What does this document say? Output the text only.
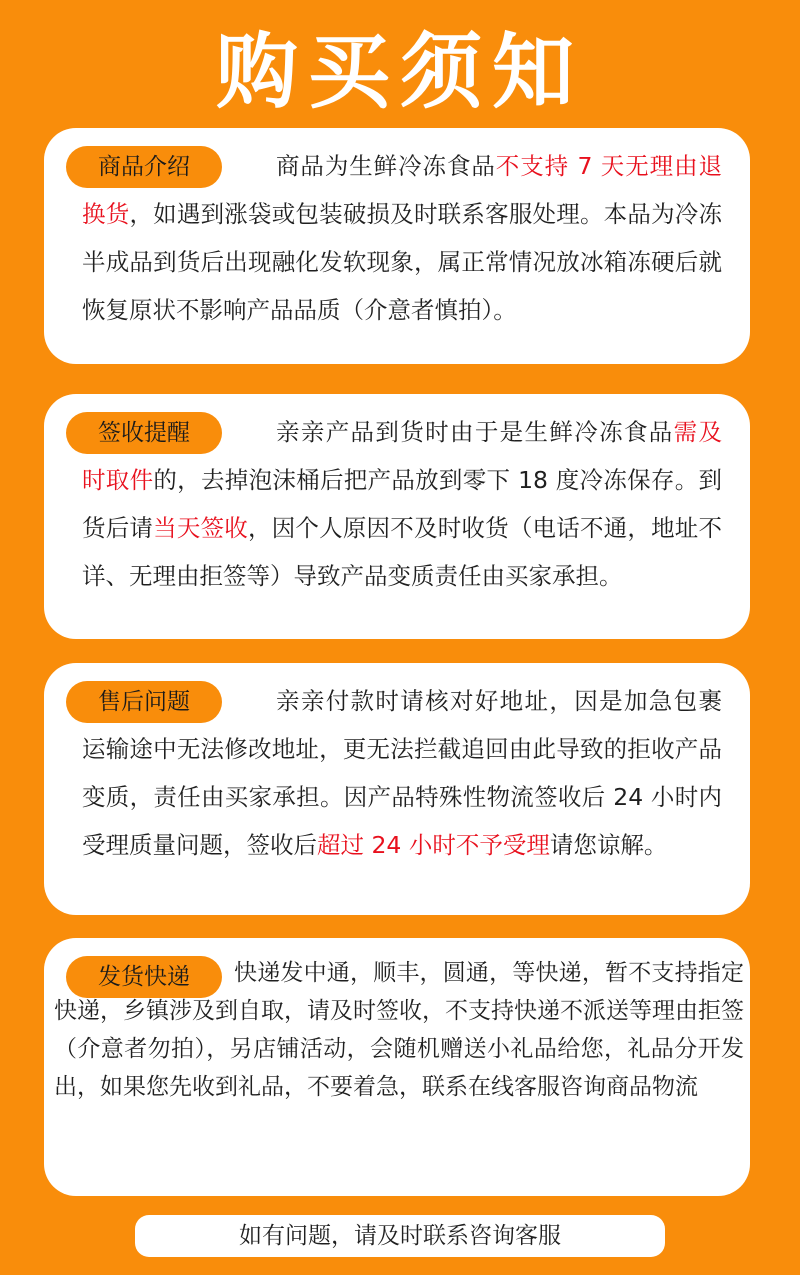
购买须知
商品介绍	商品为生鲜冷冻食品不支持 7 天无理由退换货，如遇到涨袋或包装破损及时联系客服处理。本品为冷冻半成品到货后出现融化发软现象，属正常情况放冰箱冻硬后就恢复原状不影响产品品质（介意者慎拍）。
签收提醒	亲亲产品到货时由于是生鲜冷冻食品需及时取件的，去掉泡沫桶后把产品放到零下 18 度冷冻保存。到货后请当天签收，因个人原因不及时收货（电话不通，地址不详、无理由拒签等）导致产品变质责任由买家承担。
售后问题	亲亲付款时请核对好地址，因是加急包裹运输途中无法修改地址，更无法拦截追回由此导致的拒收产品变质，责任由买家承担。因产品特殊性物流签收后 24 小时内受理质量问题，签收后超过 24 小时不予受理请您谅解。
发货快递	快递发中通，顺丰，圆通，等快递，暂不支持指定快递，乡镇涉及到自取，请及时签收，不支持快递不派送等理由拒签（介意者勿拍），另店铺活动，会随机赠送小礼品给您，礼品分开发出，如果您先收到礼品，不要着急，联系在线客服咨询商品物流
如有问题，请及时联系咨询客服
